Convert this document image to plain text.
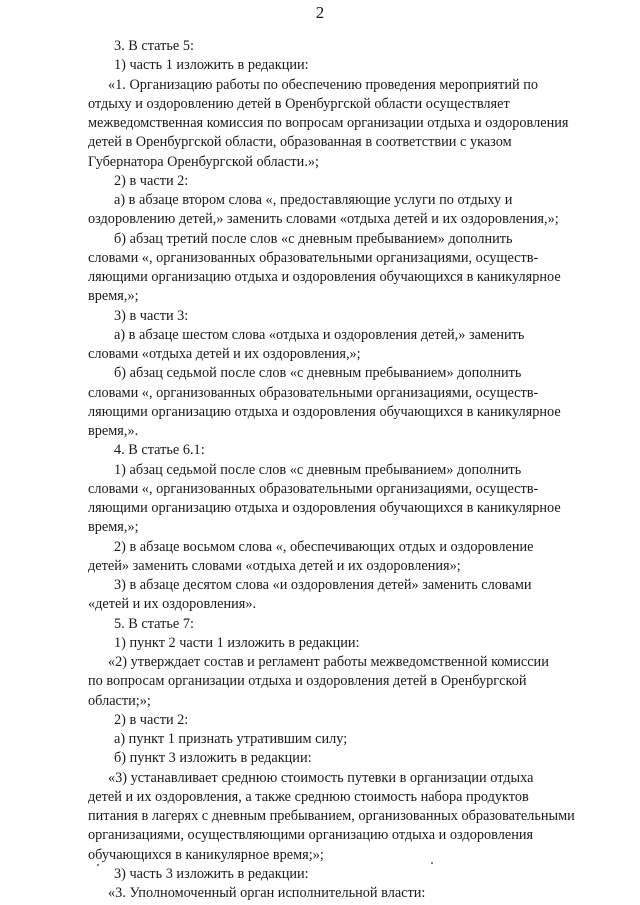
2

3. В статье 5:

1) часть 1 изложить в редакции:

«1. Организацию работы по обеспечению проведения мероприятий по
отдыху и оздоровлению детей в Оренбургской области осуществляет
межведомственная комиссия по вопросам организации отдыха и оздоровления
детей в Оренбургской области, образованная в соответствии с указом
Губернатора Оренбургской области.»;

2) в части 2:

а) в абзаце втором слова «, предоставляющие услуги по отдыху и
оздоровлению детей,» заменить словами «отдыха детей и их оздоровления,»;

б) абзац третий после слов «с дневным пребыванием» дополнить
словами «, организованных образовательными организациями, осуществ-
ляющими организацию отдыха и оздоровления обучающихся в каникулярное
время,»;

3) в части 3:

а) в абзаце шестом слова «отдыха и оздоровления детей,» заменить
словами «отдыха детей и их оздоровления,»;

б) абзац седьмой после слов «с дневным пребыванием» дополнить
словами «, организованных образовательными организациями, осуществ-
ляющими организацию отдыха и оздоровления обучающихся в каникулярное
время,».

4. В статье 6.1:

1) абзац седьмой после слов «с дневным пребыванием» дополнить
словами «, организованных образовательными организациями, осуществ-
ляющими организацию отдыха и оздоровления обучающихся в каникулярное
время,»;

2) в абзаце восьмом слова «, обеспечивающих отдых и оздоровление
детей» заменить словами «отдыха детей и их оздоровления»;

3) в абзаце десятом слова «и оздоровления детей» заменить словами
«детей и их оздоровления».

5. В статье 7:

1) пункт 2 части 1 изложить в редакции:

«2) утверждает состав и регламент работы межведомственной комиссии
по вопросам организации отдыха и оздоровления детей в Оренбургской
области;»;

2) в части 2:

а) пункт 1 признать утратившим силу;

б) пункт 3 изложить в редакции:

«3) устанавливает среднюю стоимость путевки в организации отдыха
детей и их оздоровления, а также среднюю стоимость набора продуктов
питания в лагерях с дневным пребыванием, организованных образовательными
организациями, осуществляющими организацию отдыха и оздоровления
обучающихся в каникулярное время;»;

3) часть 3 изложить в редакции:

«3. Уполномоченный орган исполнительной власти:
